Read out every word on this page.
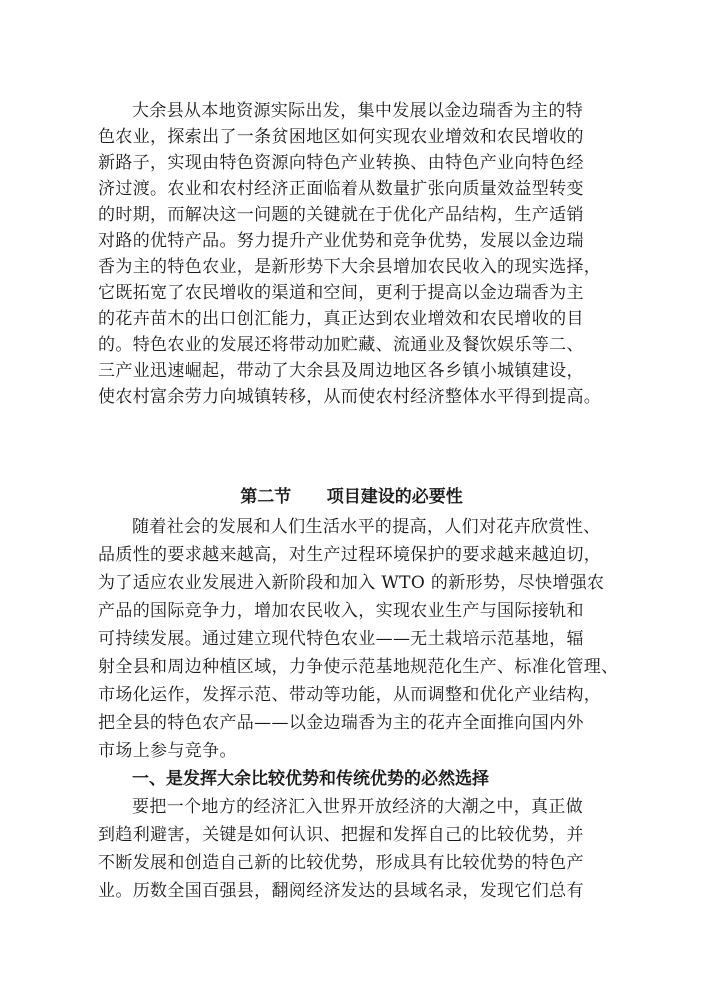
大余县从本地资源实际出发，集中发展以金边瑞香为主的特
色农业，探索出了一条贫困地区如何实现农业增效和农民增收的
新路子，实现由特色资源向特色产业转换、由特色产业向特色经
济过渡。农业和农村经济正面临着从数量扩张向质量效益型转变
的时期，而解决这一问题的关键就在于优化产品结构，生产适销
对路的优特产品。努力提升产业优势和竞争优势，发展以金边瑞
香为主的特色农业，是新形势下大余县增加农民收入的现实选择，
它既拓宽了农民增收的渠道和空间，更利于提高以金边瑞香为主
的花卉苗木的出口创汇能力，真正达到农业增效和农民增收的目
的。特色农业的发展还将带动加贮藏、流通业及餐饮娱乐等二、
三产业迅速崛起，带动了大余县及周边地区各乡镇小城镇建设，
使农村富余劳力向城镇转移，从而使农村经济整体水平得到提高。
第二节      项目建设的必要性
随着社会的发展和人们生活水平的提高，人们对花卉欣赏性、
品质性的要求越来越高，对生产过程环境保护的要求越来越迫切，
为了适应农业发展进入新阶段和加入 WTO 的新形势，尽快增强农
产品的国际竞争力，增加农民收入，实现农业生产与国际接轨和
可持续发展。通过建立现代特色农业——无土栽培示范基地，辐
射全县和周边种植区域，力争使示范基地规范化生产、标准化管理、
市场化运作，发挥示范、带动等功能，从而调整和优化产业结构，
把全县的特色农产品——以金边瑞香为主的花卉全面推向国内外
市场上参与竞争。
一、是发挥大余比较优势和传统优势的必然选择
要把一个地方的经济汇入世界开放经济的大潮之中，真正做
到趋利避害，关键是如何认识、把握和发挥自己的比较优势，并
不断发展和创造自己新的比较优势，形成具有比较优势的特色产
业。历数全国百强县，翻阅经济发达的县域名录，发现它们总有
